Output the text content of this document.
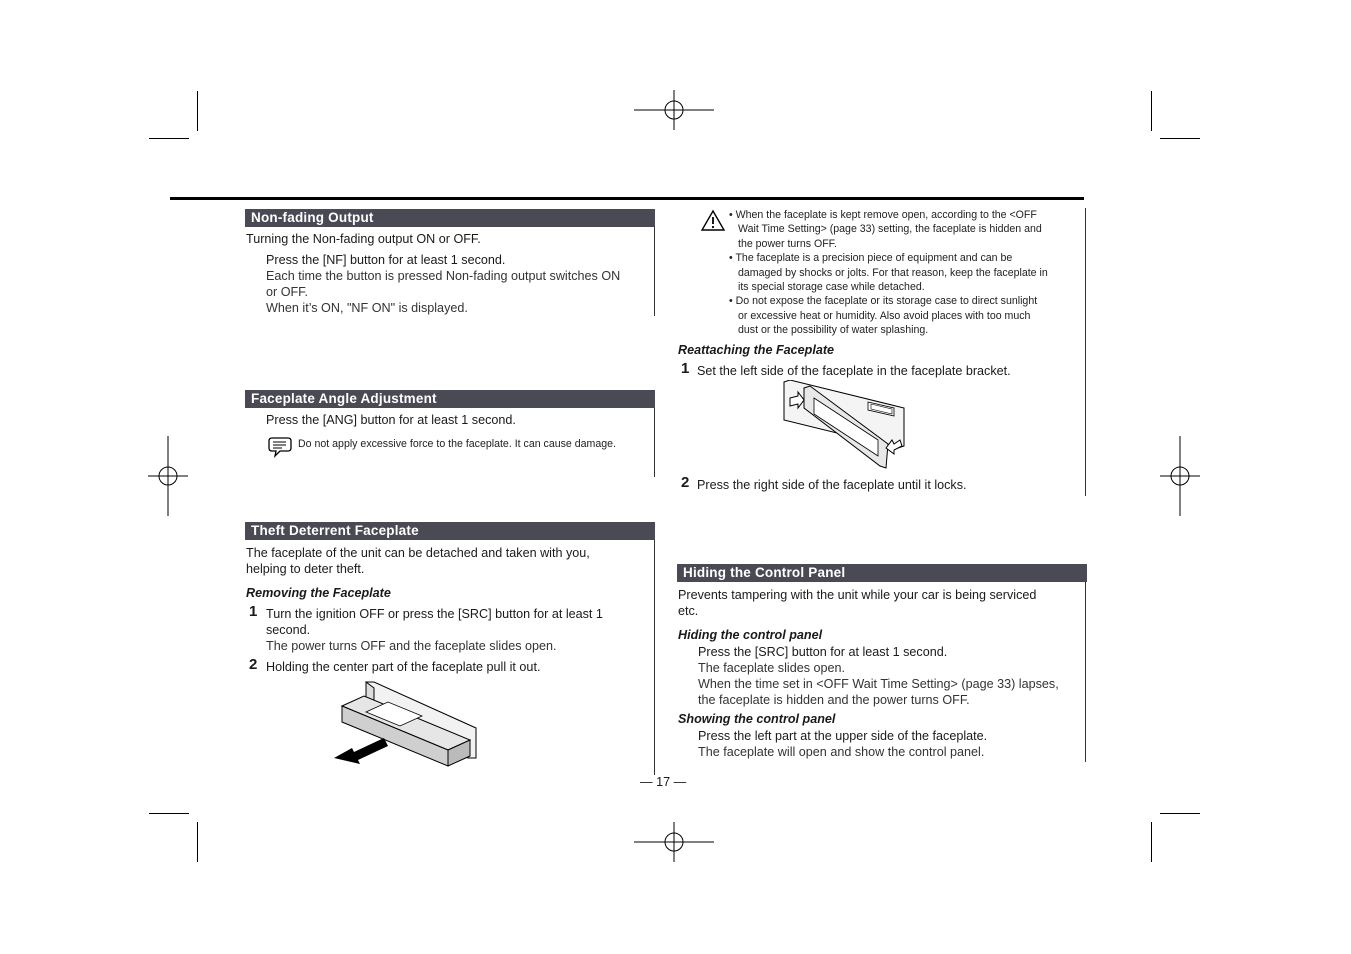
Non-fading Output
Turning the Non-fading output ON or OFF.
Press the [NF] button for at least 1 second.
Each time the button is pressed Non-fading output switches ON
or OFF.
When it’s ON, "NF ON" is displayed.
Faceplate Angle Adjustment
Press the [ANG] button for at least 1 second.
Do not apply excessive force to the faceplate. It can cause damage.
Theft Deterrent Faceplate
The faceplate of the unit can be detached and taken with you,
helping to deter theft.
Removing the Faceplate
1 Turn the ignition OFF or press the [SRC] button for at least 1
second.
The power turns OFF and the faceplate slides open.
2 Holding the center part of the faceplate pull it out.
• When the faceplate is kept remove open, according to the <OFF
Wait Time Setting> (page 33) setting, the faceplate is hidden and
the power turns OFF.
• The faceplate is a precision piece of equipment and can be
damaged by shocks or jolts. For that reason, keep the faceplate in
its special storage case while detached.
• Do not expose the faceplate or its storage case to direct sunlight
or excessive heat or humidity. Also avoid places with too much
dust or the possibility of water splashing.
Reattaching the Faceplate
1 Set the left side of the faceplate in the faceplate bracket.
2 Press the right side of the faceplate until it locks.
Hiding the Control Panel
Prevents tampering with the unit while your car is being serviced
etc.
Hiding the control panel
Press the [SRC] button for at least 1 second.
The faceplate slides open.
When the time set in <OFF Wait Time Setting> (page 33) lapses,
the faceplate is hidden and the power turns OFF.
Showing the control panel
Press the left part at the upper side of the faceplate.
The faceplate will open and show the control panel.
— 17 —
